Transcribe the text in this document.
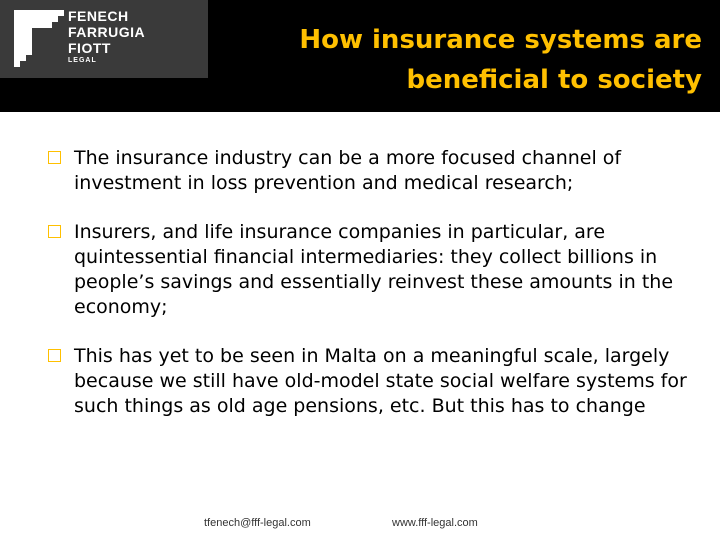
FENECH
FARRUGIA
FIOTT
LEGAL
How insurance systems are
beneficial to society
The insurance industry can be a more focused channel of investment in loss prevention and medical research;
Insurers, and life insurance companies in particular, are quintessential financial intermediaries: they collect billions in people’s savings and essentially reinvest these amounts in the economy;
This has yet to be seen in Malta on a meaningful scale, largely because we still have old-model state social welfare systems for such things as old age pensions, etc. But this has to change
tfenech@fff-legal.com	www.fff-legal.com
